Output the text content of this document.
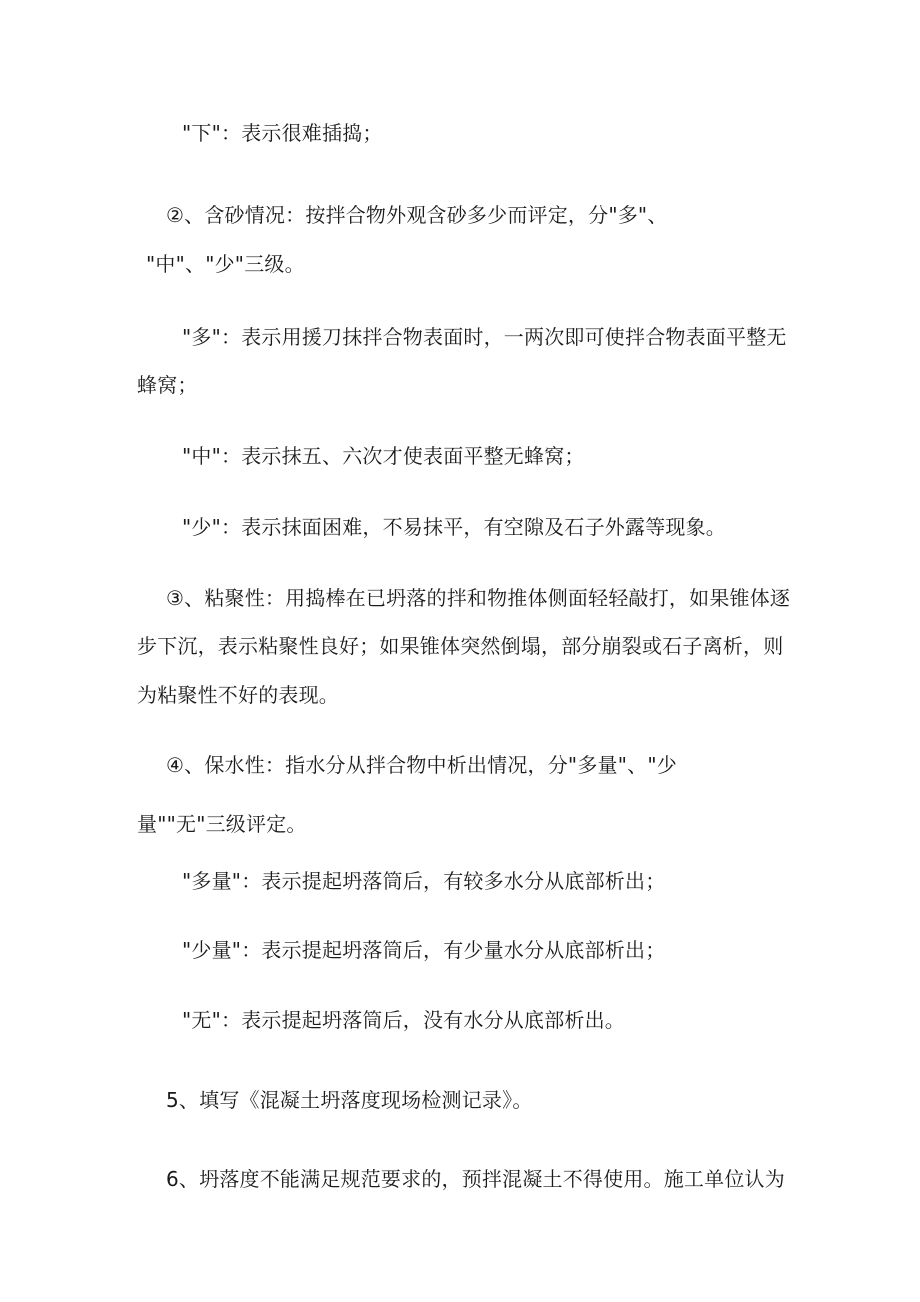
"下"：表示很难插捣；
②、含砂情况：按拌合物外观含砂多少而评定，分"多"、
"中"、"少"三级。
"多"：表示用援刀抹拌合物表面时，一两次即可使拌合物表面平整无
蜂窝；
"中"：表示抹五、六次才使表面平整无蜂窝；
"少"：表示抹面困难，不易抹平，有空隙及石子外露等现象。
③、粘聚性：用捣棒在已坍落的拌和物推体侧面轻轻敲打，如果锥体逐
步下沉，表示粘聚性良好；如果锥体突然倒塌，部分崩裂或石子离析，则
为粘聚性不好的表现。
④、保水性：指水分从拌合物中析出情况，分"多量"、"少
量""无"三级评定。
"多量"：表示提起坍落筒后，有较多水分从底部析出；
"少量"：表示提起坍落筒后，有少量水分从底部析出；
"无"：表示提起坍落筒后，没有水分从底部析出。
5、填写《混凝土坍落度现场检测记录》。
6、坍落度不能满足规范要求的，预拌混凝土不得使用。施工单位认为
